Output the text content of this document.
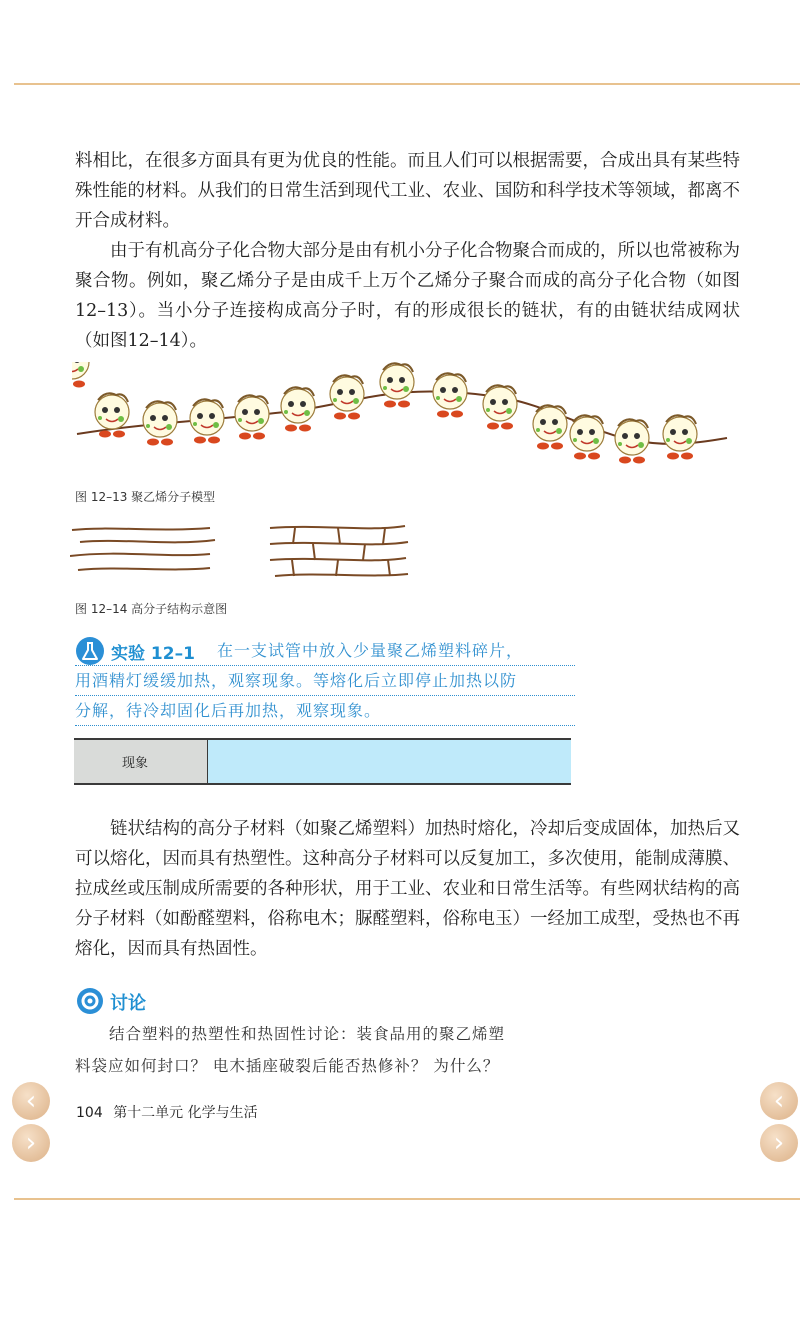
料相比，在很多方面具有更为优良的性能。而且人们可以根据需要，合成出具有某些特殊性能的材料。从我们的日常生活到现代工业、农业、国防和科学技术等领域，都离不开合成材料。

由于有机高分子化合物大部分是由有机小分子化合物聚合而成的，所以也常被称为聚合物。例如，聚乙烯分子是由成千上万个乙烯分子聚合而成的高分子化合物（如图12–13）。当小分子连接构成高分子时，有的形成很长的链状，有的由链状结成网状（如图12–14）。

图 12–13 聚乙烯分子模型
图 12–14 高分子结构示意图
在一支试管中放入少量聚乙烯塑料碎片，
用酒精灯缓缓加热，观察现象。等熔化后立即停止加热以防
分解，待冷却固化后再加热，观察现象。
实验 12–1
现象

链状结构的高分子材料（如聚乙烯塑料）加热时熔化，冷却后变成固体，加热后又可以熔化，因而具有热塑性。这种高分子材料可以反复加工，多次使用，能制成薄膜、拉成丝或压制成所需要的各种形状，用于工业、农业和日常生活等。有些网状结构的高分子材料（如酚醛塑料，俗称电木；脲醛塑料，俗称电玉）一经加工成型，受热也不再熔化，因而具有热固性。

讨论
结合塑料的热塑性和热固性讨论：装食品用的聚乙烯塑
料袋应如何封口？ 电木插座破裂后能否热修补？ 为什么？
104 第十二单元 化学与生活
‹
›
‹
›
